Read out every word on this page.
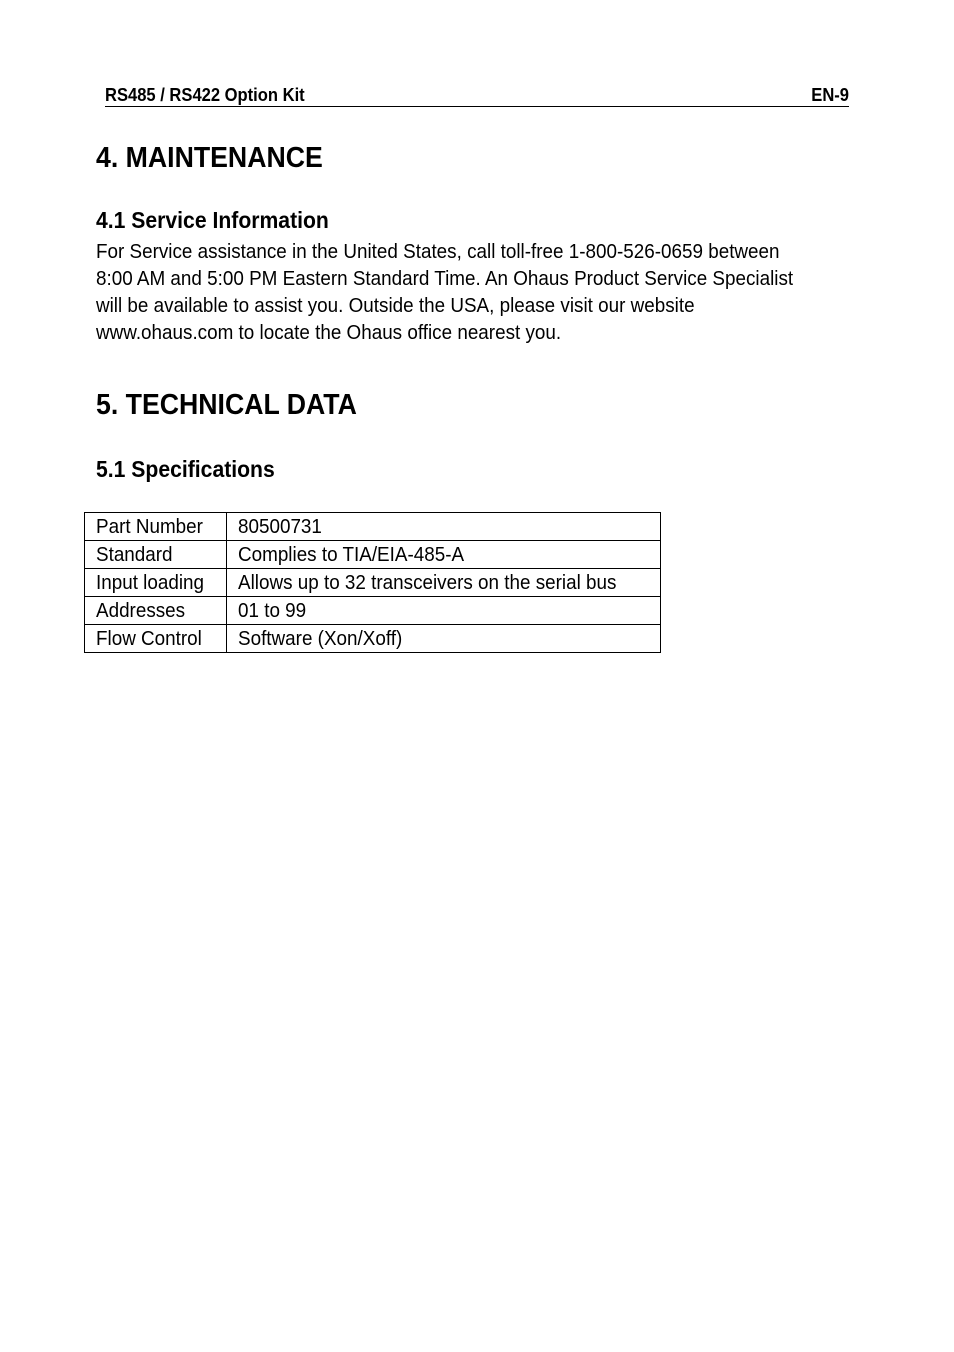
RS485 / RS422 Option Kit	EN-9
4. MAINTENANCE
4.1 Service Information
For Service assistance in the United States, call toll-free 1-800-526-0659 between
8:00 AM and 5:00 PM Eastern Standard Time. An Ohaus Product Service Specialist
will be available to assist you. Outside the USA, please visit our website
www.ohaus.com to locate the Ohaus office nearest you.
5. TECHNICAL DATA
5.1 Specifications
Part Number	80500731
Standard	Complies to TIA/EIA-485-A
Input loading	Allows up to 32 transceivers on the serial bus
Addresses	01 to 99
Flow Control	Software (Xon/Xoff)
